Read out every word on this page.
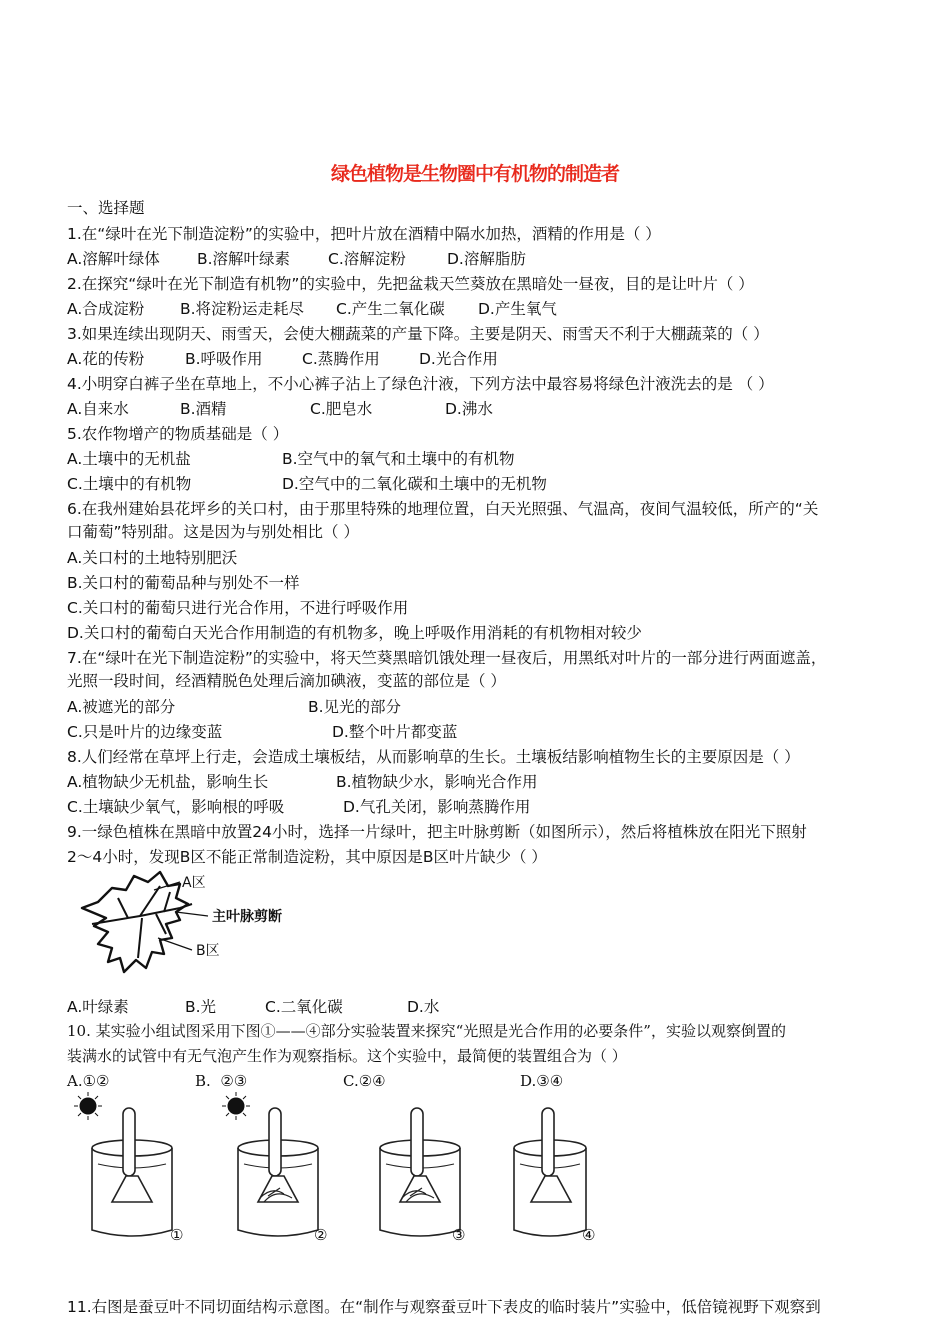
绿色植物是生物圈中有机物的制造者
一、选择题
1.在“绿叶在光下制造淀粉”的实验中，把叶片放在酒精中隔水加热，酒精的作用是（ ）
A.溶解叶绿体 B.溶解叶绿素 C.溶解淀粉	D.溶解脂肪
2.在探究“绿叶在光下制造有机物”的实验中，先把盆栽天竺葵放在黑暗处一昼夜，目的是让叶片（ ）
A.合成淀粉 B.将淀粉运走耗尽 C.产生二氧化碳 D.产生氧气
3.如果连续出现阴天、雨雪天，会使大棚蔬菜的产量下降。主要是阴天、雨雪天不利于大棚蔬菜的（ ）
A.花的传粉	B.呼吸作用	C.蒸腾作用	D.光合作用
4.小明穿白裤子坐在草地上，不小心裤子沾上了绿色汁液，下列方法中最容易将绿色汁液洗去的是 （ ）
A.自来水	B.酒精	C.肥皂水	D.沸水
5.农作物增产的物质基础是（ ）
A.土壤中的无机盐	B.空气中的氧气和土壤中的有机物
C.土壤中的有机物	D.空气中的二氧化碳和土壤中的无机物
6.在我州建始县花坪乡的关口村，由于那里特殊的地理位置，白天光照强、气温高，夜间气温较低，所产的“关
口葡萄”特别甜。这是因为与别处相比（ ）
A.关口村的土地特别肥沃
B.关口村的葡萄品种与别处不一样
C.关口村的葡萄只进行光合作用，不进行呼吸作用
D.关口村的葡萄白天光合作用制造的有机物多，晚上呼吸作用消耗的有机物相对较少
7.在“绿叶在光下制造淀粉”的实验中，将天竺葵黑暗饥饿处理一昼夜后，用黑纸对叶片的一部分进行两面遮盖，
光照一段时间，经酒精脱色处理后滴加碘液，变蓝的部位是（ ）
A.被遮光的部分	B.见光的部分
C.只是叶片的边缘变蓝	D.整个叶片都变蓝
8.人们经常在草坪上行走，会造成土壤板结，从而影响草的生长。土壤板结影响植物生长的主要原因是（ ）
A.植物缺少无机盐，影响生长	B.植物缺少水，影响光合作用
C.土壤缺少氧气，影响根的呼吸	D.气孔关闭，影响蒸腾作用
9.一绿色植株在黑暗中放置24小时，选择一片绿叶，把主叶脉剪断（如图所示），然后将植株放在阳光下照射
2～4小时，发现B区不能正常制造淀粉，其中原因是B区叶片缺少（ ）
A区
主叶脉剪断
B区
A.叶绿素	B.光	C.二氧化碳	D.水
10. 某实验小组试图采用下图①——④部分实验装置来探究“光照是光合作用的必要条件”，实验以观察倒置的
装满水的试管中有无气泡产生作为观察指标。这个实验中，最简便的装置组合为（ ）
A.①②	B.  ②③	C.②④	D.③④
①	②	③	④
11.右图是蚕豆叶不同切面结构示意图。在“制作与观察蚕豆叶下表皮的临时装片”实验中，低倍镜视野下观察到
